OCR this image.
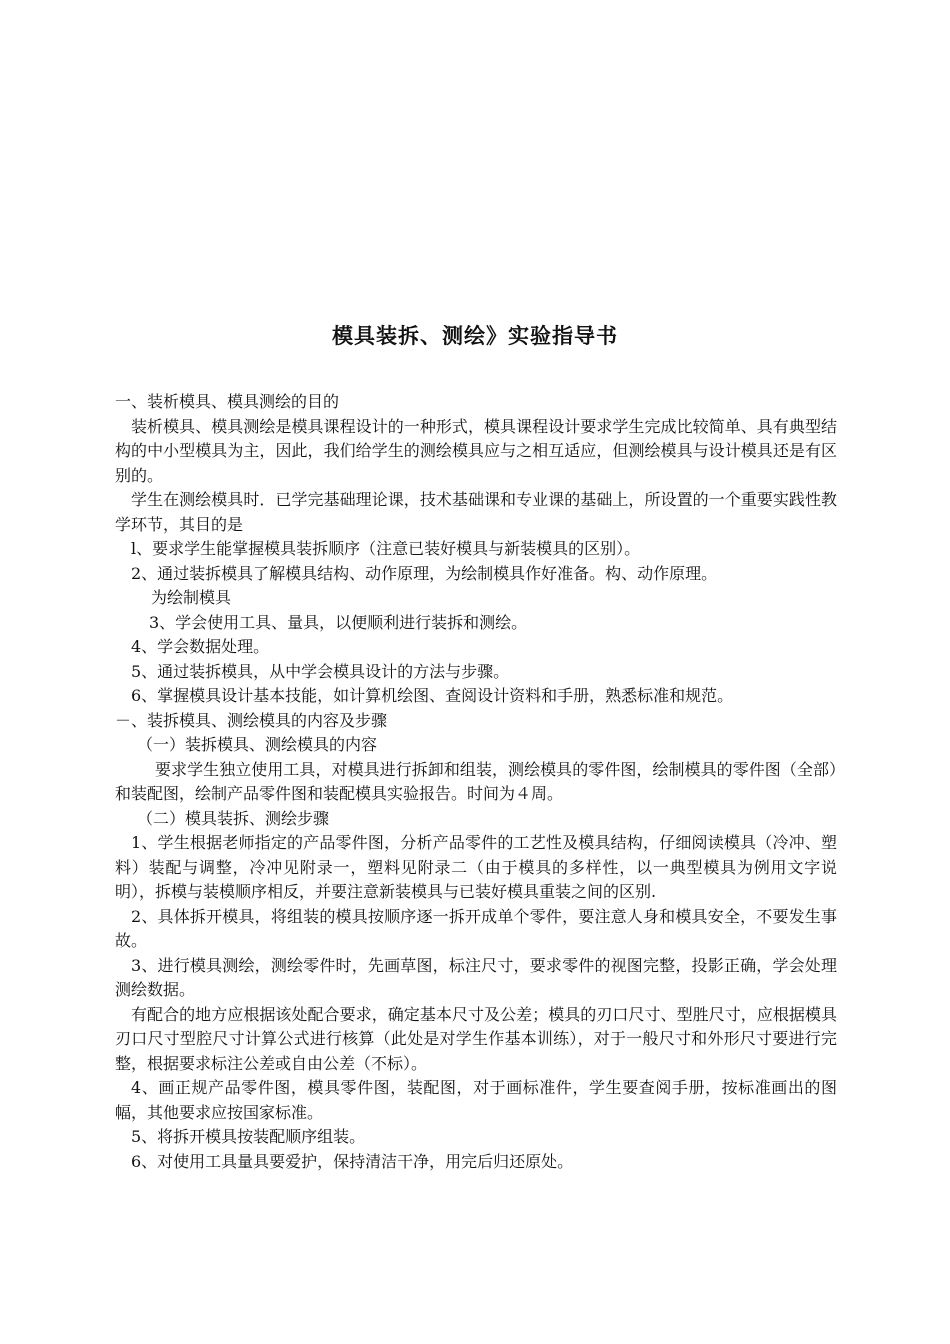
模具装拆、测绘》实验指导书

一、装析模具、模具测绘的目的

装析模具、模具测绘是模具课程设计的一种形式，模具课程设计要求学生完成比较简单、具有典型结构的中小型模具为主，因此，我们给学生的测绘模具应与之相互适应，但测绘模具与设计模具还是有区别的。

学生在测绘模具时．已学完基础理论课，技术基础课和专业课的基础上，所设置的一个重要实践性教学环节，其目的是

l、要求学生能掌握模具装拆顺序（注意已装好模具与新装模具的区别）。

2、通过装拆模具了解模具结构、动作原理，为绘制模具作好准备。构、动作原理。

为绘制模具

3、学会使用工具、量具，以便顺利进行装拆和测绘。

4、学会数据处理。

5、通过装拆模具，从中学会模具设计的方法与步骤。

6、掌握模具设计基本技能，如计算机绘图、查阅设计资料和手册，熟悉标准和规范。

－、装拆模具、测绘模具的内容及步骤

（一）装拆模具、测绘模具的内容

要求学生独立使用工具，对模具进行拆卸和组装，测绘模具的零件图，绘制模具的零件图（全部）和装配图，绘制产品零件图和装配模具实验报告。时间为４周。

（二）模具装拆、测绘步骤

1、学生根据老师指定的产品零件图，分析产品零件的工艺性及模具结构，仔细阅读模具（冷冲、塑料）装配与调整，冷冲见附录一，塑料见附录二（由于模具的多样性，以一典型模具为例用文字说明），拆模与装模顺序相反，并要注意新装模具与已装好模具重装之间的区别.

2、具体拆开模具，将组装的模具按顺序逐一拆开成单个零件，要注意人身和模具安全，不要发生事故。

3、进行模具测绘，测绘零件时，先画草图，标注尺寸，要求零件的视图完整，投影正确，学会处理测绘数据。

有配合的地方应根据该处配合要求，确定基本尺寸及公差；模具的刃口尺寸、型胜尺寸，应根据模具刃口尺寸型腔尺寸计算公式进行核算（此处是对学生作基本训练），对于一般尺寸和外形尺寸要进行完整，根据要求标注公差或自由公差（不标）。

4、画正规产品零件图，模具零件图，装配图，对于画标准件，学生要查阅手册，按标准画出的图幅，其他要求应按国家标准。

5、将拆开模具按装配顺序组装。

6、对使用工具量具要爱护，保持清洁干净，用完后归还原处。
